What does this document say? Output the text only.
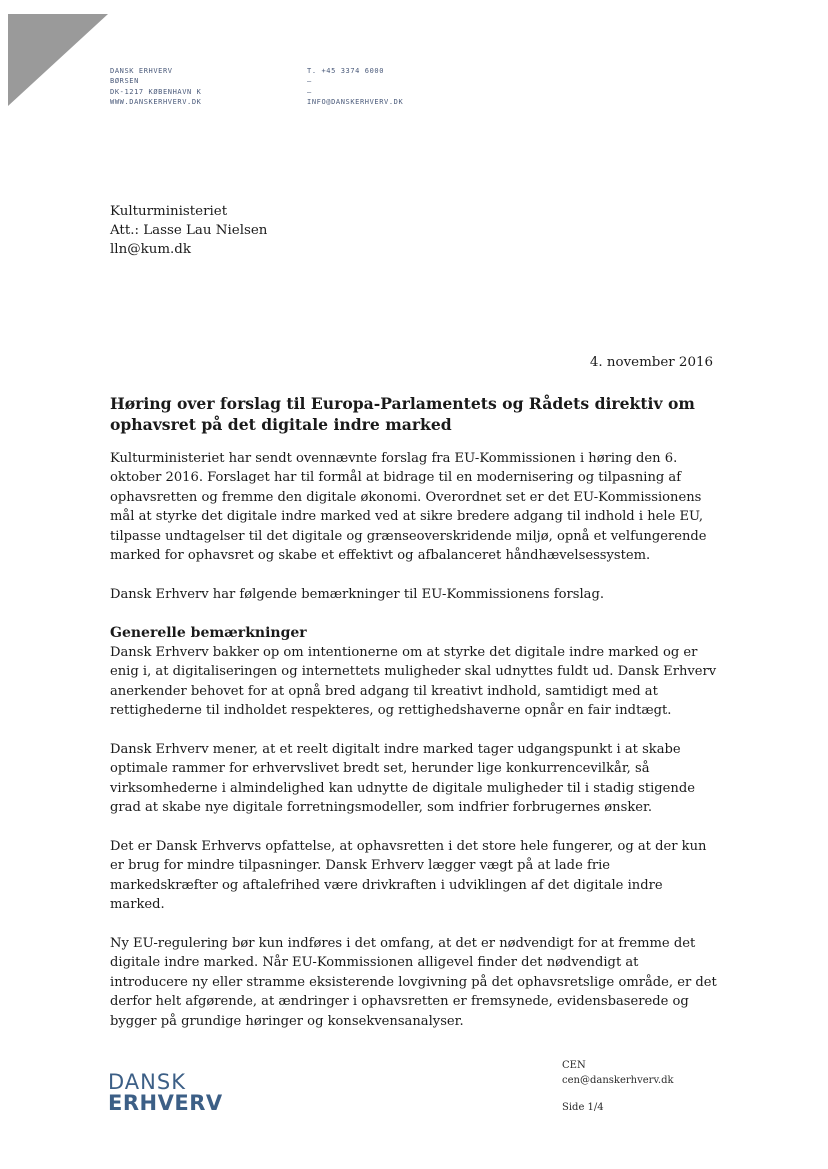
DANSK ERHVERV
BØRSEN
DK-1217 KØBENHAVN K
WWW.DANSKERHVERV.DK
T. +45 3374 6000
–
–
INFO@DANSKERHVERV.DK
Kulturministeriet
Att.: Lasse Lau Nielsen
lln@kum.dk
4. november 2016
Høring over forslag til Europa-Parlamentets og Rådets direktiv om ophavsret på det digitale indre marked

Kulturministeriet har sendt ovennævnte forslag fra EU-Kommissionen i høring den 6. oktober 2016. Forslaget har til formål at bidrage til en modernisering og tilpasning af ophavsretten og fremme den digitale økonomi. Overordnet set er det EU-Kommissionens mål at styrke det digitale indre marked ved at sikre bredere adgang til indhold i hele EU, tilpasse undtagelser til det digitale og grænseoverskridende miljø, opnå et velfungerende marked for ophavsret og skabe et effektivt og afbalanceret håndhævelsessystem.

Dansk Erhverv har følgende bemærkninger til EU-Kommissionens forslag.

Generelle bemærkninger

Dansk Erhverv bakker op om intentionerne om at styrke det digitale indre marked og er enig i, at digitaliseringen og internettets muligheder skal udnyttes fuldt ud. Dansk Erhverv anerkender behovet for at opnå bred adgang til kreativt indhold, samtidigt med at rettighederne til indholdet respekteres, og rettighedshaverne opnår en fair indtægt.

Dansk Erhverv mener, at et reelt digitalt indre marked tager udgangspunkt i at skabe optimale rammer for erhvervslivet bredt set, herunder lige konkurrencevilkår, så virksomhederne i almindelighed kan udnytte de digitale muligheder til i stadig stigende grad at skabe nye digitale forretningsmodeller, som indfrier forbrugernes ønsker.

Det er Dansk Erhvervs opfattelse, at ophavsretten i det store hele fungerer, og at der kun er brug for mindre tilpasninger. Dansk Erhverv lægger vægt på at lade frie markedskræfter og aftalefrihed være drivkraften i udviklingen af det digitale indre marked.

Ny EU-regulering bør kun indføres i det omfang, at det er nødvendigt for at fremme det digitale indre marked. Når EU-Kommissionen alligevel finder det nødvendigt at introducere ny eller stramme eksisterende lovgivning på det ophavsretslige område, er det derfor helt afgørende, at ændringer i ophavsretten er fremsynede, evidensbaserede og bygger på grundige høringer og konsekvensanalyser.

DANSK
ERHVERV
CEN
cen@danskerhverv.dk
Side 1/4
